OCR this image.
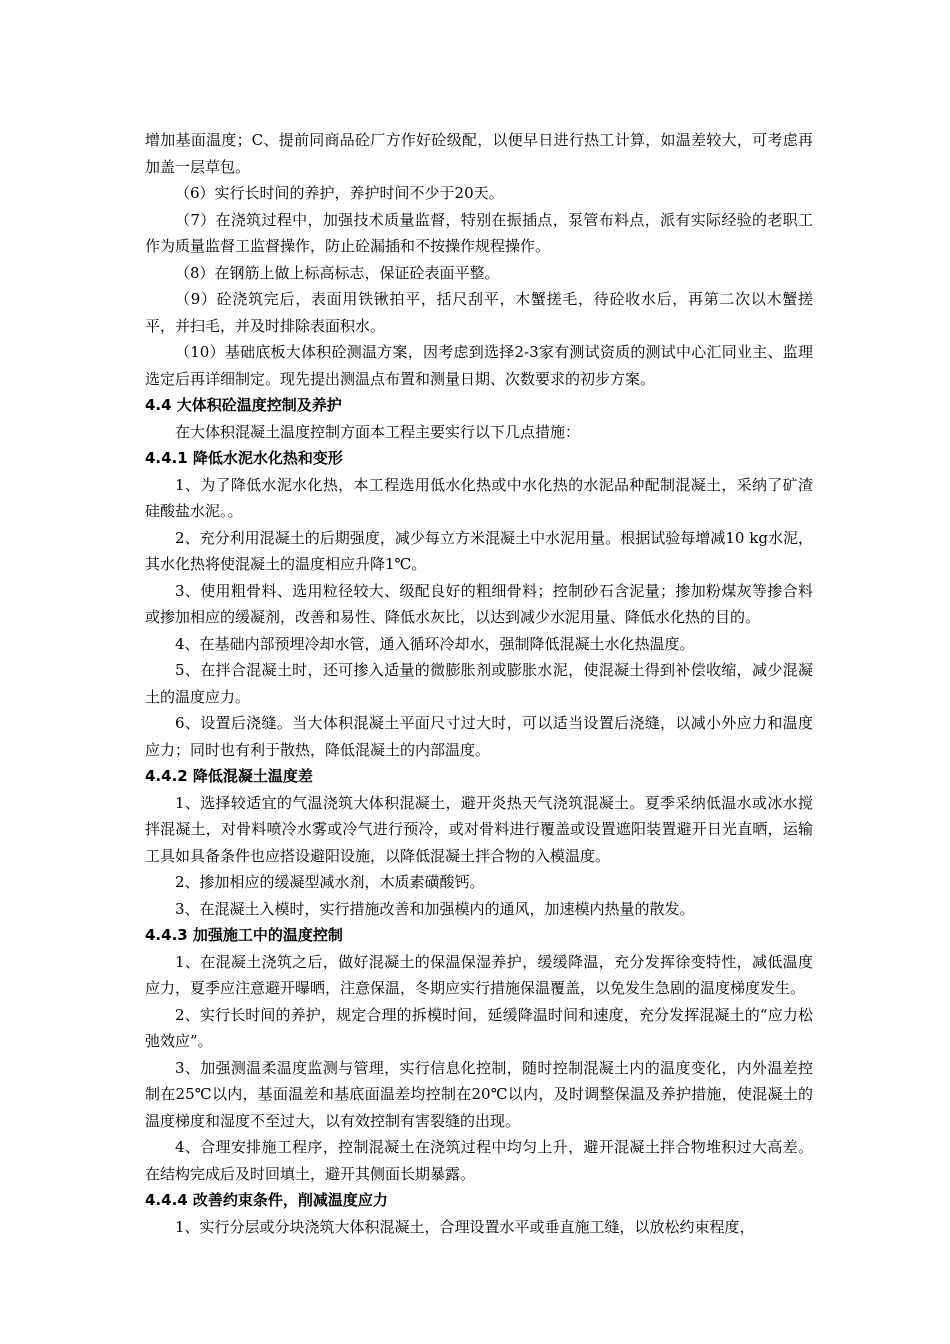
增加基面温度；C、提前同商品砼厂方作好砼级配，以便早日进行热工计算，如温差较大，可考虑再加盖一层草包。

（6）实行长时间的养护，养护时间不少于20天。

（7）在浇筑过程中，加强技术质量监督，特别在振插点，泵管布料点，派有实际经验的老职工作为质量监督工监督操作，防止砼漏插和不按操作规程操作。

（8）在钢筋上做上标高标志，保证砼表面平整。

（9）砼浇筑完后，表面用铁锹拍平，括尺刮平，木蟹搓毛，待砼收水后，再第二次以木蟹搓平，并扫毛，并及时排除表面积水。

（10）基础底板大体积砼测温方案，因考虑到选择2-3家有测试资质的测试中心汇同业主、监理选定后再详细制定。现先提出测温点布置和测量日期、次数要求的初步方案。

4.4 大体积砼温度控制及养护

在大体积混凝土温度控制方面本工程主要实行以下几点措施：

4.4.1 降低水泥水化热和变形

1、为了降低水泥水化热，本工程选用低水化热或中水化热的水泥品种配制混凝土，采纳了矿渣硅酸盐水泥。。

2、充分利用混凝土的后期强度，减少每立方米混凝土中水泥用量。根据试验每增减10 kg水泥，其水化热将使混凝土的温度相应升降1℃。

3、使用粗骨料、选用粒径较大、级配良好的粗细骨料；控制砂石含泥量；掺加粉煤灰等掺合料或掺加相应的缓凝剂，改善和易性、降低水灰比，以达到减少水泥用量、降低水化热的目的。

4、在基础内部预埋冷却水管，通入循环冷却水，强制降低混凝土水化热温度。

5、在拌合混凝土时，还可掺入适量的微膨胀剂或膨胀水泥，使混凝土得到补偿收缩，减少混凝土的温度应力。

6、设置后浇缝。当大体积混凝土平面尺寸过大时，可以适当设置后浇缝，以减小外应力和温度应力；同时也有利于散热，降低混凝土的内部温度。

4.4.2 降低混凝土温度差

1、选择较适宜的气温浇筑大体积混凝土，避开炎热天气浇筑混凝土。夏季采纳低温水或冰水搅拌混凝土，对骨料喷冷水雾或冷气进行预冷，或对骨料进行覆盖或设置遮阳装置避开日光直晒，运输工具如具备条件也应搭设避阳设施，以降低混凝土拌合物的入模温度。

2、掺加相应的缓凝型减水剂，木质素磺酸钙。

3、在混凝土入模时，实行措施改善和加强模内的通风，加速模内热量的散发。

4.4.3 加强施工中的温度控制

1、在混凝土浇筑之后，做好混凝土的保温保湿养护，缓缓降温，充分发挥徐变特性，减低温度应力，夏季应注意避开曝晒，注意保温，冬期应实行措施保温覆盖，以免发生急剧的温度梯度发生。

2、实行长时间的养护，规定合理的拆模时间，延缓降温时间和速度，充分发挥混凝土的“应力松弛效应”。

3、加强测温柔温度监测与管理，实行信息化控制，随时控制混凝土内的温度变化，内外温差控制在25℃以内，基面温差和基底面温差均控制在20℃以内，及时调整保温及养护措施，使混凝土的温度梯度和湿度不至过大，以有效控制有害裂缝的出现。

4、合理安排施工程序，控制混凝土在浇筑过程中均匀上升，避开混凝土拌合物堆积过大高差。在结构完成后及时回填土，避开其侧面长期暴露。

4.4.4 改善约束条件，削减温度应力

1、实行分层或分块浇筑大体积混凝土，合理设置水平或垂直施工缝，以放松约束程度，
